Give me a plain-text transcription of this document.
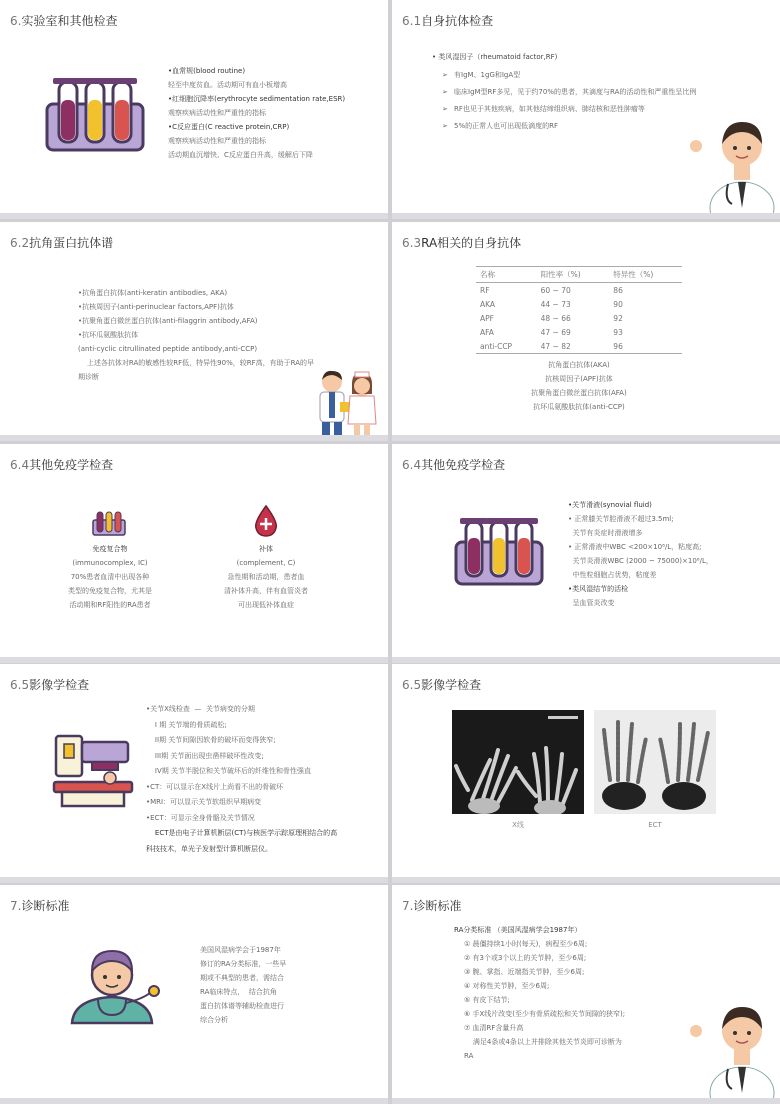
6.实验室和其他检查
•血常规(blood routine)
轻至中度贫血。活动期可有血小板增高
•红细胞沉降率(erythrocyte sedimentation rate,ESR)
观察疾病活动性和严重性的指标
•C反应蛋白(C reactive protein,CRP)
观察疾病活动性和严重性的指标
活动期血沉增快、C反应蛋白升高，缓解后下降
6.1自身抗体检查
• 类风湿因子（rheumatoid factor,RF)
➢ 有IgM、1gG和IgA型
➢ 临床IgM型RF多见，见于约70%的患者，其滴度与RA的活动性和严重性呈比例
➢ RF也见于其他疾病，如其他结缔组织病、肺结核和恶性肿瘤等
➢ 5%的正常人也可出现低滴度的RF
6.2抗角蛋白抗体谱
•抗角蛋白抗体(anti-keratin antibodies, AKA)
•抗核周因子(anti-perinuclear factors,APF)抗体
•抗聚角蛋白微丝蛋白抗体(anti-filaggrin antibody,AFA)
•抗环瓜氨酸肽抗体
(anti-cyclic citrullinated peptide antibody,anti-CCP)
上述各抗体对RA的敏感性较RF低，特异性90%，较RF高，有助于RA的早
期诊断
6.3RA相关的自身抗体
名称	阳性率（%)	特异性（%)
RF	60 ~ 70	86
AKA	44 ~ 73	90
APF	48 ~ 66	92
AFA	47 ~ 69	93
anti-CCP	47 ~ 82	96
抗角蛋白抗体(AKA)
抗核周因子(APF)抗体
抗聚角蛋白微丝蛋白抗体(AFA)
抗环瓜氨酸肽抗体(anti-CCP)
6.4其他免疫学检查
免疫复合物
(immunocomplex, IC)
70%患者血清中出现各种
类型的免疫复合物，尤其是
活动期和RF阳性的RA患者
补体
(complement, C)
急性期和活动期，患者血
清补体升高，伴有血管炎者
可出现低补体血症
6.4其他免疫学检查
•关节滑液(synovial fluid)
• 正常膝关节腔滑液不超过3.5ml;
关节有炎症时滑液增多
• 正常滑液中WBC <200×10⁶/L，粘度高;
关节炎滑液WBC (2000 ~ 75000)×10⁶/L，
中性粒细胞占优势，粘度差
•类风湿结节的活检
呈血管炎改变
6.5影像学检查
•关节X线检查  —  关节病变的分期
I 期 关节端的骨质疏松;
II期 关节间隙因软骨的破坏而变得狭窄;
III期 关节面出现虫凿样破坏性改变;
IV期 关节半脱位和关节破坏后的纤维性和骨性强直
•CT：可以显示在X线片上尚看不出的骨破坏
•MRI：可以显示关节软组织早期病变
•ECT：可显示全身骨骼及关节情况
ECT是由电子计算机断层(CT)与核医学示踪原理相结合的高
科技技术，单光子发射型计算机断层仪。
6.5影像学检查
X线	ECT
7.诊断标准
美国风湿病学会于1987年
修订的RA分类标准，一些早
期或不典型的患者，需结合
RA临床特点，  结合抗角
蛋白抗体谱等辅助检查进行
综合分析
7.诊断标准
RA分类标准 （美国风湿病学会1987年）
① 晨僵持续1小时(每天)，病程至少6周;
② 有3个或3个以上的关节肿，至少6周;
③ 腕、掌指、近端指关节肿，至少6周;
④ 对称性关节肿，至少6周;
⑤ 有皮下结节;
⑥ 手X线片改变(至少有骨质疏松和关节间隙的狭窄);
⑦ 血清RF含量升高
满足4条或4条以上并排除其他关节炎即可诊断为
RA
